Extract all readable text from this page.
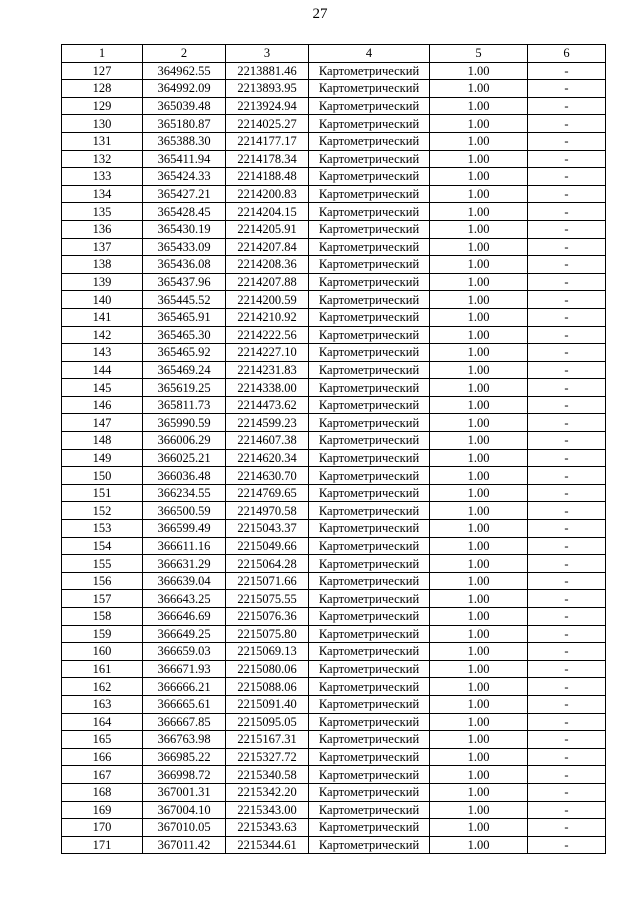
27
1	2	3	4	5	6
127	364962.55	2213881.46	Картометрический	1.00	-
128	364992.09	2213893.95	Картометрический	1.00	-
129	365039.48	2213924.94	Картометрический	1.00	-
130	365180.87	2214025.27	Картометрический	1.00	-
131	365388.30	2214177.17	Картометрический	1.00	-
132	365411.94	2214178.34	Картометрический	1.00	-
133	365424.33	2214188.48	Картометрический	1.00	-
134	365427.21	2214200.83	Картометрический	1.00	-
135	365428.45	2214204.15	Картометрический	1.00	-
136	365430.19	2214205.91	Картометрический	1.00	-
137	365433.09	2214207.84	Картометрический	1.00	-
138	365436.08	2214208.36	Картометрический	1.00	-
139	365437.96	2214207.88	Картометрический	1.00	-
140	365445.52	2214200.59	Картометрический	1.00	-
141	365465.91	2214210.92	Картометрический	1.00	-
142	365465.30	2214222.56	Картометрический	1.00	-
143	365465.92	2214227.10	Картометрический	1.00	-
144	365469.24	2214231.83	Картометрический	1.00	-
145	365619.25	2214338.00	Картометрический	1.00	-
146	365811.73	2214473.62	Картометрический	1.00	-
147	365990.59	2214599.23	Картометрический	1.00	-
148	366006.29	2214607.38	Картометрический	1.00	-
149	366025.21	2214620.34	Картометрический	1.00	-
150	366036.48	2214630.70	Картометрический	1.00	-
151	366234.55	2214769.65	Картометрический	1.00	-
152	366500.59	2214970.58	Картометрический	1.00	-
153	366599.49	2215043.37	Картометрический	1.00	-
154	366611.16	2215049.66	Картометрический	1.00	-
155	366631.29	2215064.28	Картометрический	1.00	-
156	366639.04	2215071.66	Картометрический	1.00	-
157	366643.25	2215075.55	Картометрический	1.00	-
158	366646.69	2215076.36	Картометрический	1.00	-
159	366649.25	2215075.80	Картометрический	1.00	-
160	366659.03	2215069.13	Картометрический	1.00	-
161	366671.93	2215080.06	Картометрический	1.00	-
162	366666.21	2215088.06	Картометрический	1.00	-
163	366665.61	2215091.40	Картометрический	1.00	-
164	366667.85	2215095.05	Картометрический	1.00	-
165	366763.98	2215167.31	Картометрический	1.00	-
166	366985.22	2215327.72	Картометрический	1.00	-
167	366998.72	2215340.58	Картометрический	1.00	-
168	367001.31	2215342.20	Картометрический	1.00	-
169	367004.10	2215343.00	Картометрический	1.00	-
170	367010.05	2215343.63	Картометрический	1.00	-
171	367011.42	2215344.61	Картометрический	1.00	-
